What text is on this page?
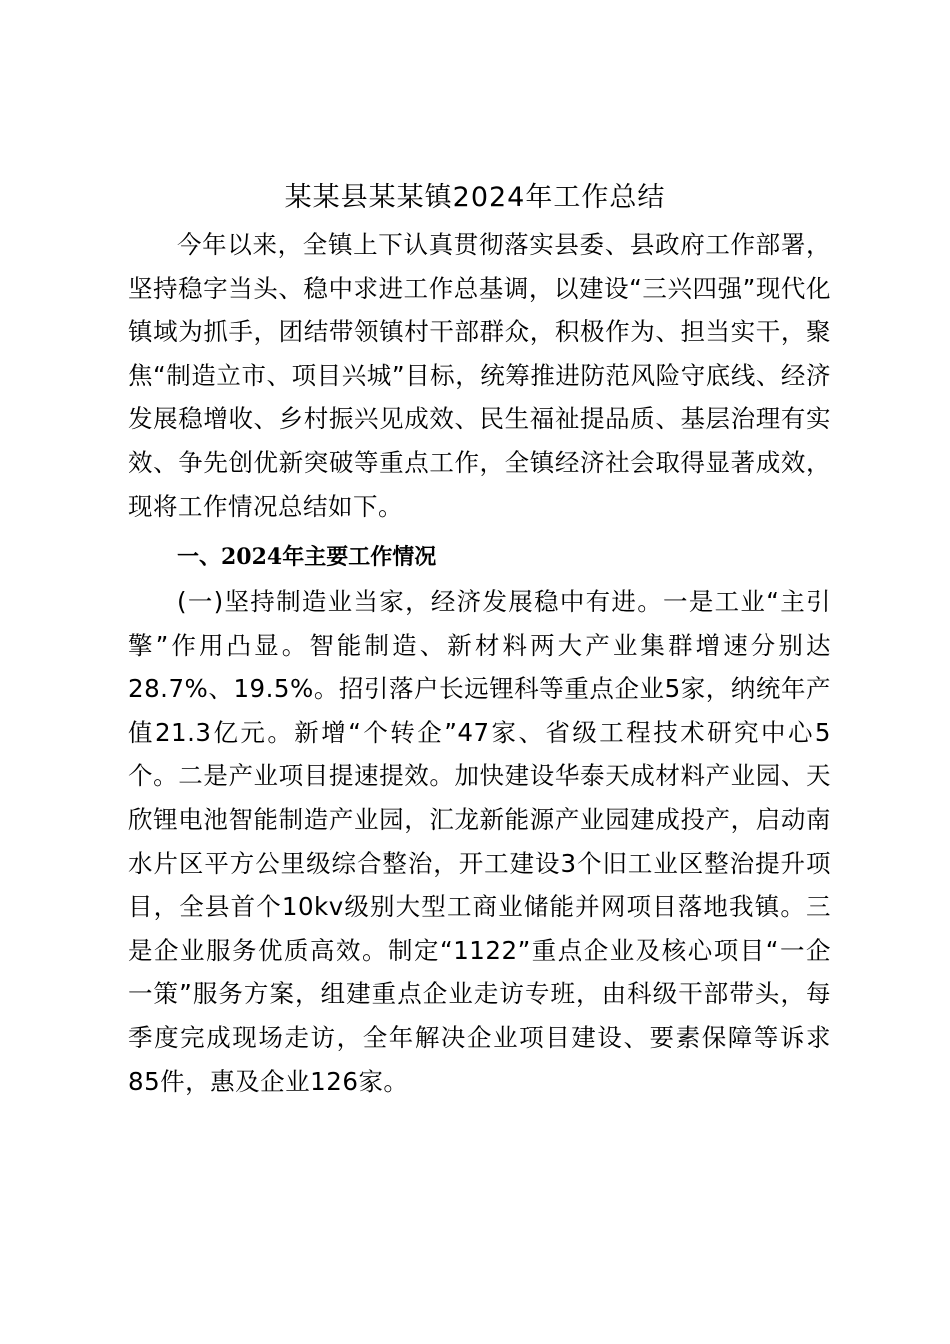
某某县某某镇2024年工作总结

今年以来，全镇上下认真贯彻落实县委、县政府工作部署，坚持稳字当头、稳中求进工作总基调，以建设“三兴四强”现代化镇域为抓手，团结带领镇村干部群众，积极作为、担当实干，聚焦“制造立市、项目兴城”目标，统筹推进防范风险守底线、经济发展稳增收、乡村振兴见成效、民生福祉提品质、基层治理有实效、争先创优新突破等重点工作，全镇经济社会取得显著成效，现将工作情况总结如下。

一、2024年主要工作情况

(一)坚持制造业当家，经济发展稳中有进。一是工业“主引擎”作用凸显。智能制造、新材料两大产业集群增速分别达28.7%、19.5%。招引落户长远锂科等重点企业5家，纳统年产值21.3亿元。新增“个转企”47家、省级工程技术研究中心5个。二是产业项目提速提效。加快建设华泰天成材料产业园、天欣锂电池智能制造产业园，汇龙新能源产业园建成投产，启动南水片区平方公里级综合整治，开工建设3个旧工业区整治提升项目，全县首个10kv级别大型工商业储能并网项目落地我镇。三是企业服务优质高效。制定“1122”重点企业及核心项目“一企一策”服务方案，组建重点企业走访专班，由科级干部带头，每季度完成现场走访，全年解决企业项目建设、要素保障等诉求85件，惠及企业126家。
